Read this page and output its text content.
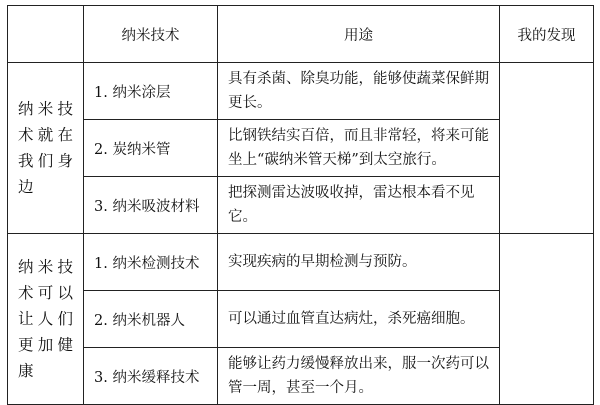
	纳米技术	用途	我的发现

纳米技
术就在
我们身
边	1. 纳米涂层	具有杀菌、除臭功能，能够使蔬菜保鲜期更长。	
	2. 炭纳米管	比钢铁结实百倍，而且非常轻，将来可能坐上“碳纳米管天梯”到太空旅行。	
	3. 纳米吸波材料	把探测雷达波吸收掉，雷达根本看不见它。	

纳米技
术可以
让人们
更加健
康	1. 纳米检测技术	实现疾病的早期检测与预防。	
	2. 纳米机器人	可以通过血管直达病灶，杀死癌细胞。	
	3. 纳米缓释技术	能够让药力缓慢释放出来，服一次药可以管一周，甚至一个月。	
